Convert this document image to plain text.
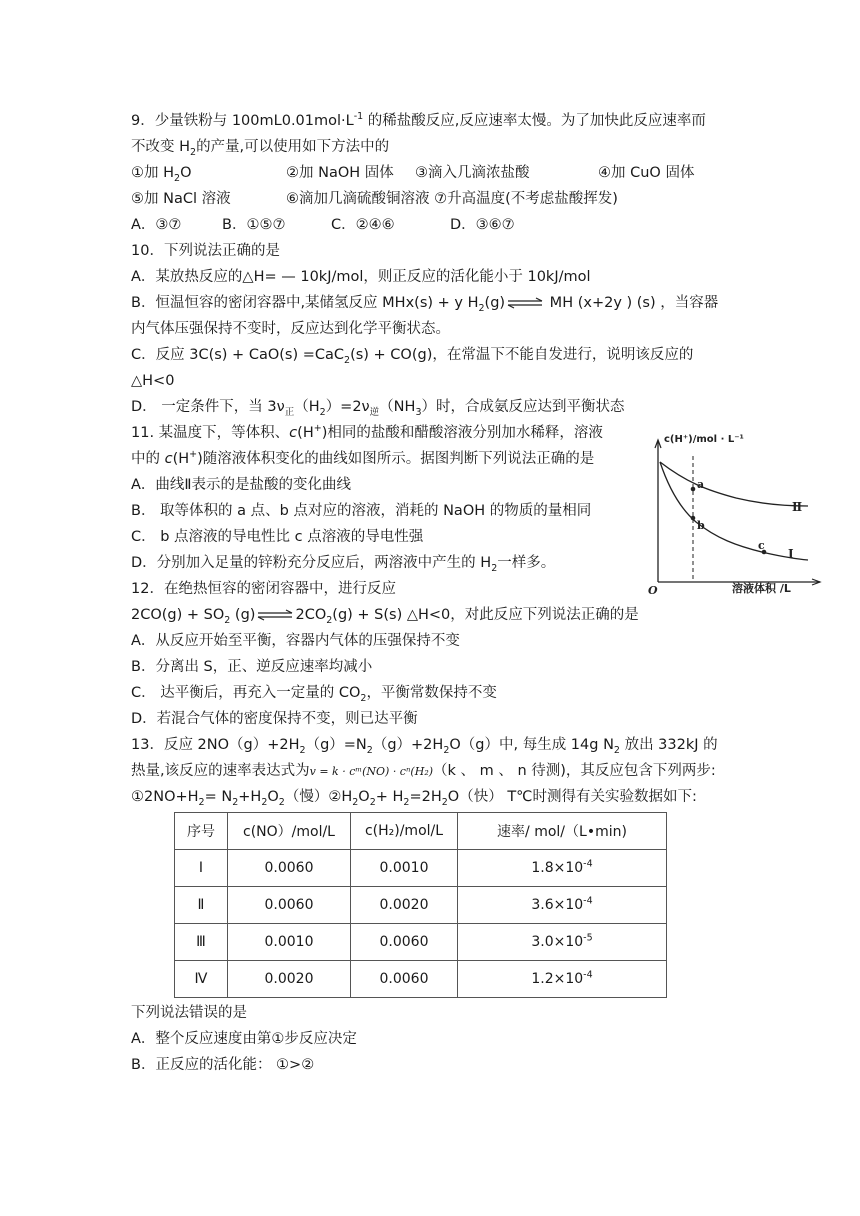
9．少量铁粉与 $100mL0.01mol\cdot L^{-1}$ 的稀盐酸反应,反应速率太慢。为了加快此反应速率而
不改变 $H_2$的产量,可以使用如下方法中的
①加 $H_2O$	②加 NaOH 固体	③滴入几滴浓盐酸	④加 CuO 固体
⑤加 NaCl 溶液	⑥滴加几滴硫酸铜溶液 ⑦升高温度(不考虑盐酸挥发)
A．③⑦	B．①⑤⑦	C．②④⑥	D．③⑥⑦
10．下列说法正确的是
A．某放热反应的△H= — 10kJ/mol，则正反应的活化能小于 10kJ/mol
B．恒温恒容的密闭容器中,某储氢反应 MHx(s) + y $H_2(g)$ ⇌ MH (x+2y ) (s) ，当容器
内气体压强保持不变时，反应达到化学平衡状态。
C．反应 3C(s) + CaO(s) =CaC$_2$(s) + CO(g)，在常温下不能自发进行，说明该反应的
△H<0
D． 一定条件下，当 $3\nu_正(H_2)=2\nu_逆(NH_3)$时，合成氨反应达到平衡状态
11. 某温度下，等体积、c(H+)相同的盐酸和醋酸溶液分别加水稀释，溶液
中的 c(H+)随溶液体积变化的曲线如图所示。据图判断下列说法正确的是
A．曲线Ⅱ表示的是盐酸的变化曲线
B． 取等体积的 a 点、b 点对应的溶液，消耗的 NaOH 的物质的量相同
C． b 点溶液的导电性比 c 点溶液的导电性强
D．分别加入足量的锌粉充分反应后，两溶液中产生的 $H_2$一样多。
12．在绝热恒容的密闭容器中，进行反应
$2CO(g) + SO_2$ (g) ⇌ $2CO_2(g) + S(s)$ △H<0，对此反应下列说法正确的是
A．从反应开始至平衡，容器内气体的压强保持不变
B．分离出 S，正、逆反应速率均减小
C． 达平衡后，再充入一定量的 $CO_2$，平衡常数保持不变
D．若混合气体的密度保持不变，则已达平衡
13．反应 $2NO(g)+2H_2(g)=N_2(g)+2H_2O(g)$中, 每生成 14g $N_2$ 放出 332kJ 的
热量,该反应的速率表达式为v = k · cᵐ(NO) · cⁿ(H₂)（k 、 m 、 n 待测)，其反应包含下列两步:
$①2NO+H_2= N_2+H_2O_2$（慢）$②H_2O_2+ H_2=2H_2O$（快） T℃时测得有关实验数据如下:
序号	c(NO）/mol/L	c(H₂)/mol/L	速率/ mol/（L•min)
Ⅰ	0.0060	0.0010	$1.8\times 10^{-4}$
Ⅱ	0.0060	0.0020	$3.6\times 10^{-4}$
Ⅲ	0.0010	0.0060	$3.0\times 10^{-5}$
Ⅳ	0.0020	0.0060	$1.2\times 10^{-4}$
下列说法错误的是
A．整个反应速度由第①步反应决定
B．正反应的活化能： ①>②
c(H⁺)/mol · L⁻¹
溶液体积 /L
O
a
b
c
Ⅱ
Ⅰ
